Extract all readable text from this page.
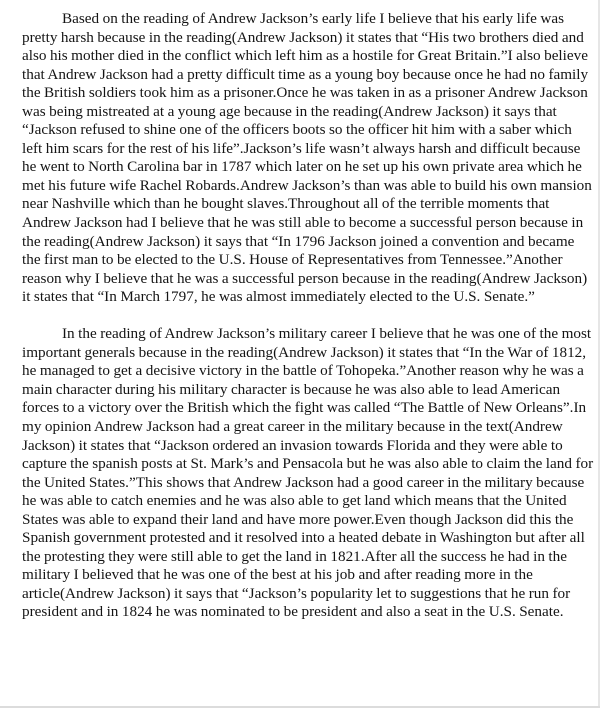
Based on the reading of Andrew Jackson’s early life I believe that his early life was pretty harsh because in the reading(Andrew Jackson) it states that “His two brothers died and also his mother died in the conflict which left him as a hostile for Great Britain.”I also believe that Andrew Jackson had a pretty difficult time as a young boy because once he had no family the British soldiers took him as a prisoner.Once he was taken in as a prisoner Andrew Jackson was being mistreated at a young age because in the reading(Andrew Jackson) it says that “Jackson refused to shine one of the officers boots so the officer hit him with a saber which left him scars for the rest of his life”.Jackson’s life wasn’t always harsh and difficult because he went to North Carolina bar in 1787 which later on he set up his own private area which he met his future wife Rachel Robards.Andrew Jackson’s than was able to build his own mansion near Nashville which than he bought slaves.Throughout all of the terrible moments that Andrew Jackson had I believe that he was still able to become a successful person because in the reading(Andrew Jackson) it says that “In 1796 Jackson joined a convention and became the first man to be elected to the U.S. House of Representatives from Tennessee.”Another reason why I believe that he was a successful person because in the reading(Andrew Jackson) it states that “In March 1797, he was almost immediately elected to the U.S. Senate.”

In the reading of Andrew Jackson’s military career I believe that he was one of the most important generals because in the reading(Andrew Jackson) it states that “In the War of 1812, he managed to get a decisive victory in the battle of Tohopeka.”Another reason why he was a main character during his military character is because he was also able to lead American forces to a victory over the British which the fight was called “The Battle of New Orleans”.In my opinion Andrew Jackson had a great career in the military because in the text(Andrew Jackson) it states that “Jackson ordered an invasion towards Florida and they were able to capture the spanish posts at St. Mark’s and Pensacola but he was also able to claim the land for the United States.”This shows that Andrew Jackson had a good career in the military because he was able to catch enemies and he was also able to get land which means that the United States was able to expand their land and have more power.Even though Jackson did this the Spanish government protested and it resolved into a heated debate in Washington but after all the protesting they were still able to get the land in 1821.After all the success he had in the military I believed that he was one of the best at his job and after reading more in the article(Andrew Jackson) it says that “Jackson’s popularity let to suggestions that he run for president and in 1824 he was nominated to be president and also a seat in the U.S. Senate.
